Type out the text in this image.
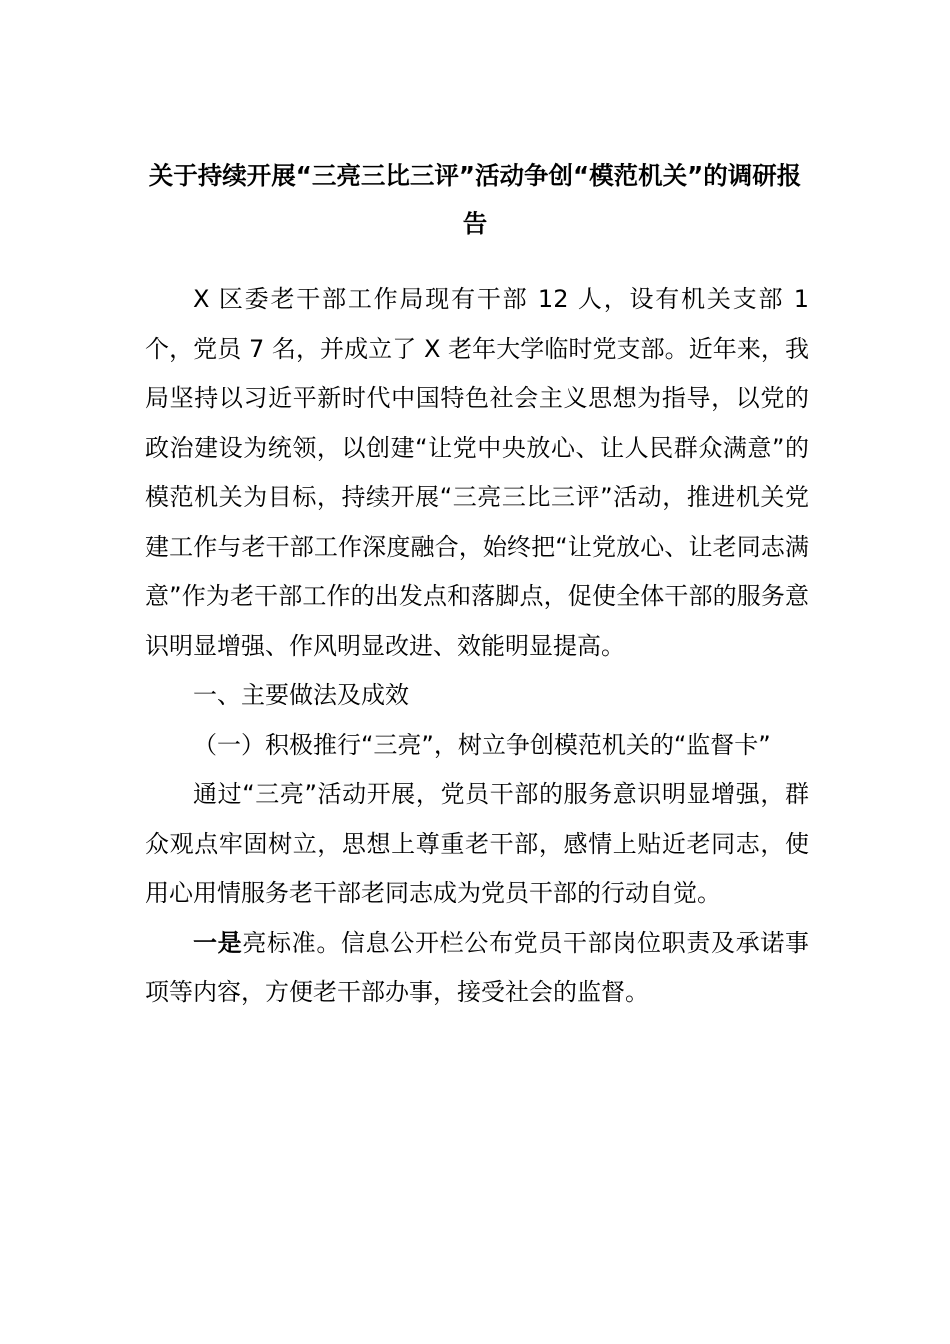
关于持续开展“三亮三比三评”活动争创“模范机关”的调研报告

X 区委老干部工作局现有干部 12 人，设有机关支部 1 个，党员 7 名，并成立了 X 老年大学临时党支部。近年来，我局坚持以习近平新时代中国特色社会主义思想为指导，以党的政治建设为统领，以创建“让党中央放心、让人民群众满意”的模范机关为目标，持续开展“三亮三比三评”活动，推进机关党建工作与老干部工作深度融合，始终把“让党放心、让老同志满意”作为老干部工作的出发点和落脚点，促使全体干部的服务意识明显增强、作风明显改进、效能明显提高。

一、主要做法及成效

（一）积极推行“三亮”，树立争创模范机关的“监督卡”

通过“三亮”活动开展，党员干部的服务意识明显增强，群众观点牢固树立，思想上尊重老干部，感情上贴近老同志，使用心用情服务老干部老同志成为党员干部的行动自觉。

一是亮标准。信息公开栏公布党员干部岗位职责及承诺事项等内容，方便老干部办事，接受社会的监督。
